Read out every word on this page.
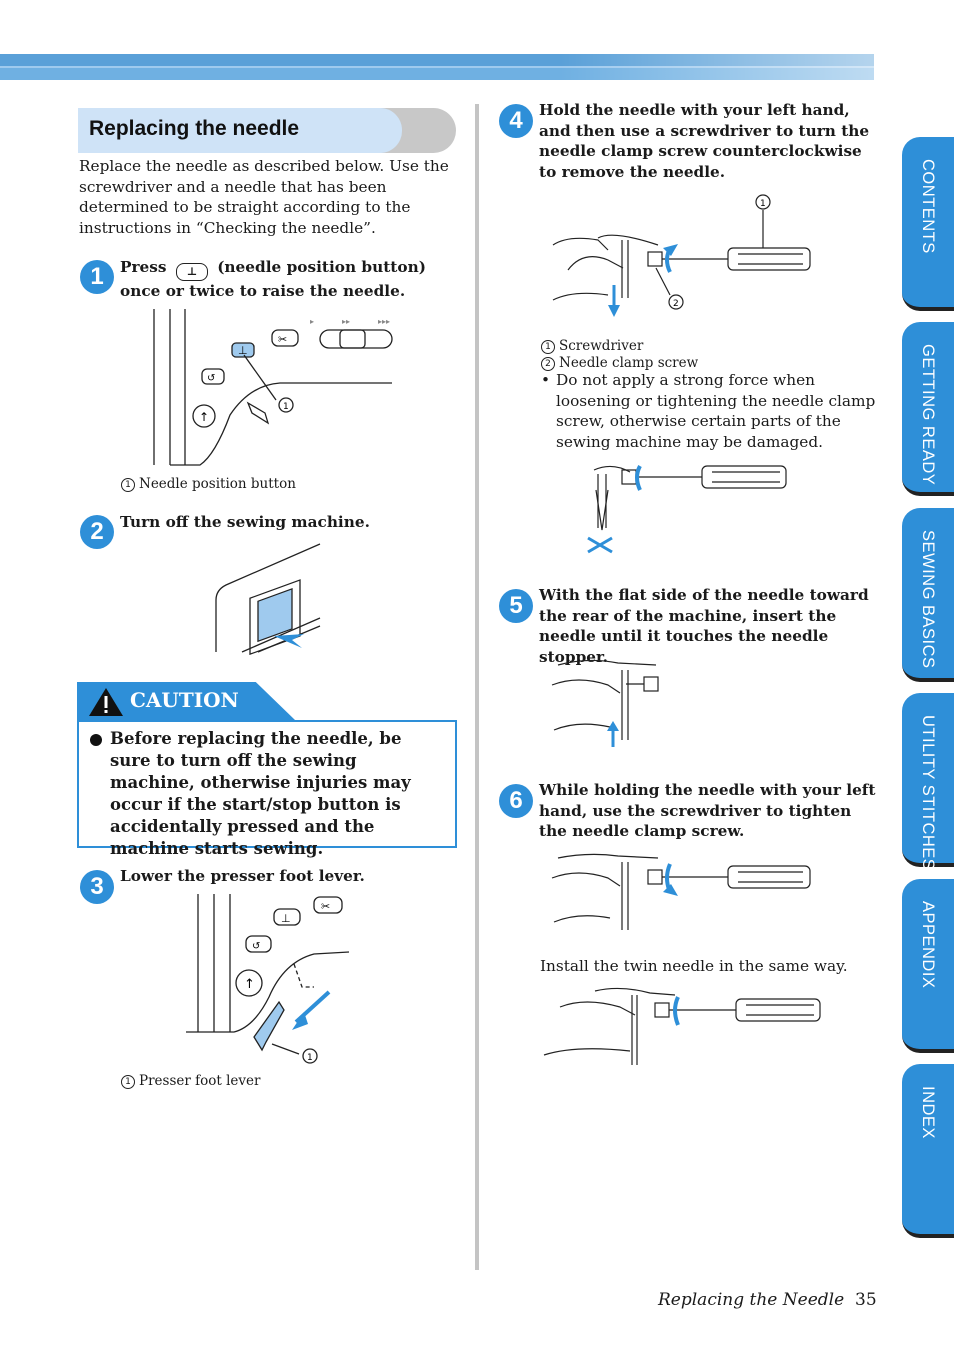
Replacing the needle
Replace the needle as described below. Use the screwdriver and a needle that has been determined to be straight according to the instructions in “Checking the needle”.
1	Press ⊥ (needle position button) once or twice to raise the needle.
1
⊥
✂
↑
↺
▸	▸▸	▸▸▸
1 Needle position button
2	Turn off the sewing machine.
CAUTION
Before replacing the needle, be sure to turn off the sewing machine, otherwise injuries may occur if the start/stop button is accidentally pressed and the machine starts sewing.
3	Lower the presser foot lever.
1
⊥
✂
↑
↺
1 Presser foot lever
4	Hold the needle with your left hand, and then use a screwdriver to turn the needle clamp screw counterclockwise to remove the needle.
1
2
1 Screwdriver
2 Needle clamp screw
• Do not apply a strong force when loosening or tightening the needle clamp screw, otherwise certain parts of the sewing machine may be damaged.
5	With the flat side of the needle toward the rear of the machine, insert the needle until it touches the needle stopper.
6	While holding the needle with your left hand, use the screwdriver to tighten the needle clamp screw.
Install the twin needle in the same way.
CONTENTS
GETTING READY
SEWING BASICS
UTILITY STITCHES
APPENDIX
INDEX
Replacing the Needle 35
